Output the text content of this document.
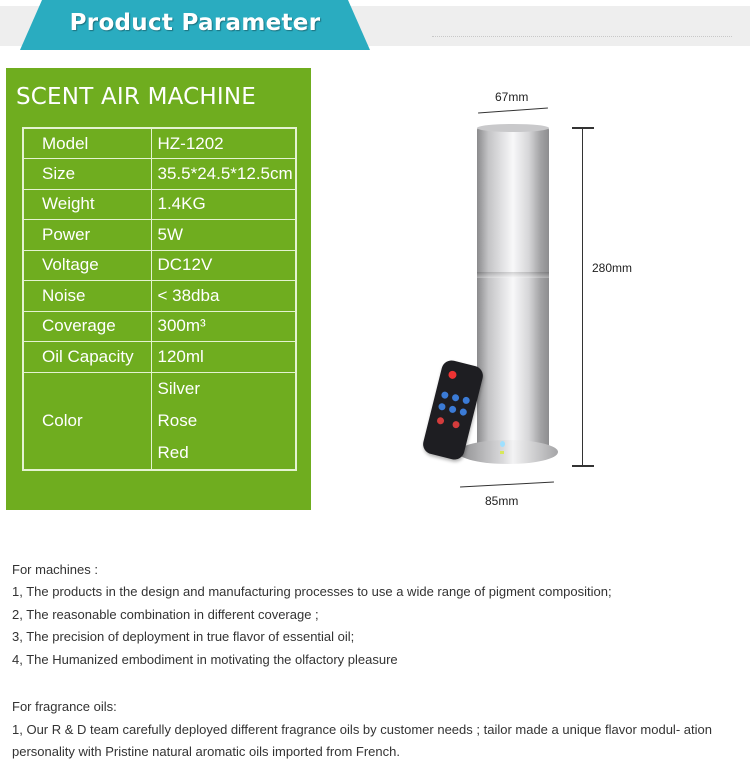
Product Parameter
SCENT AIR MACHINE
Model	HZ-1202
Size	35.5*24.5*12.5cm
Weight	1.4KG
Power	5W
Voltage	DC12V
Noise	< 38dba
Coverage	300m³
Oil Capacity	120ml
Color	Silver
Rose
Red
67mm
280mm
85mm
For machines :
1, The products in the design and manufacturing processes to use a wide range of pigment composition;
2, The reasonable combination in different coverage ;
3, The precision of deployment in true flavor of essential oil;
4, The Humanized embodiment in motivating the olfactory pleasure
For fragrance oils:
1, Our R & D team carefully deployed different fragrance oils by customer needs ; tailor made a unique flavor modul- ation personality with Pristine natural aromatic oils imported from French.
